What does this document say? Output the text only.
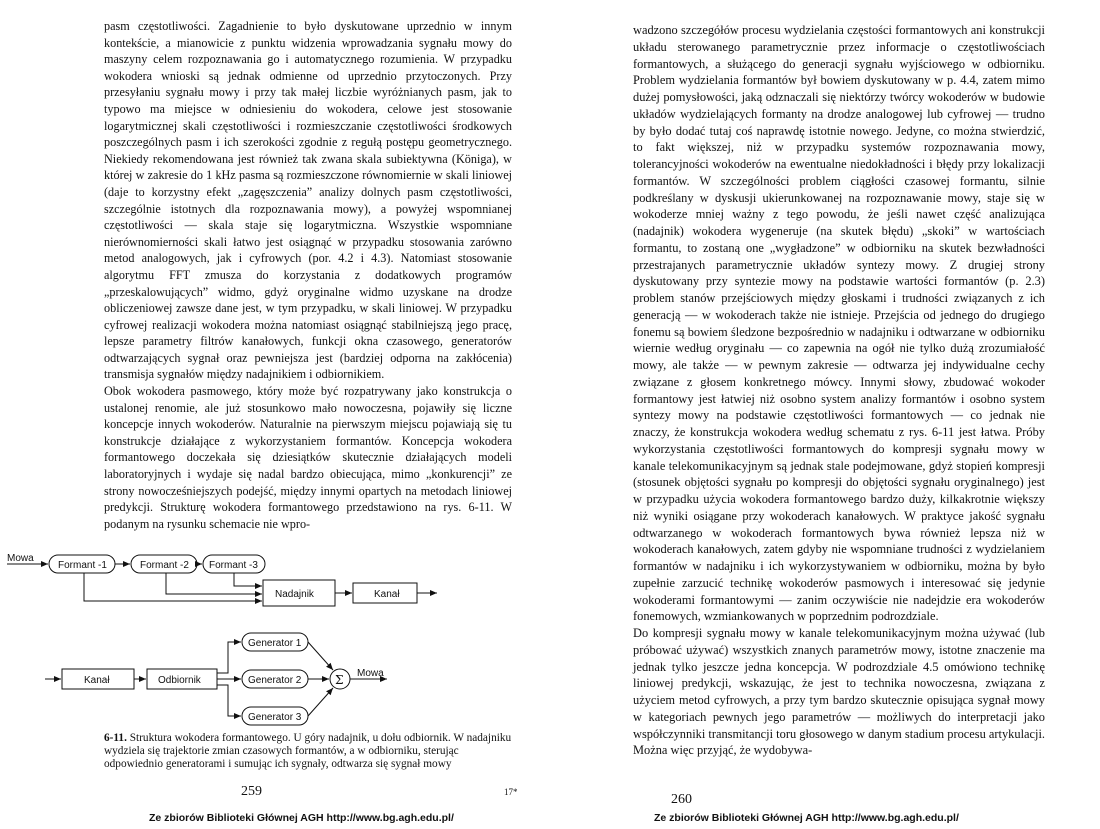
pasm częstotliwości. Zagadnienie to było dyskutowane uprzednio w innym kontekście, a mianowicie z punktu widzenia wprowadzania sygnału mowy do maszyny celem rozpoznawania go i automatycznego rozumienia. W przypadku wokodera wnioski są jednak odmienne od uprzednio przytoczonych. Przy przesyłaniu sygnału mowy i przy tak małej liczbie wyróżnianych pasm, jak to typowo ma miejsce w odniesieniu do wokodera, celowe jest stosowanie logarytmicznej skali częstotliwości i rozmieszczanie częstotliwości środkowych poszczególnych pasm i ich szerokości zgodnie z regułą postępu geometrycznego. Niekiedy rekomendowana jest również tak zwana skala subiektywna (Königa), w której w zakresie do 1 kHz pasma są rozmieszczone równomiernie w skali liniowej (daje to korzystny efekt „zagęszczenia” analizy dolnych pasm częstotliwości, szczególnie istotnych dla rozpoznawania mowy), a powyżej wspomnianej częstotliwości — skala staje się logarytmiczna. Wszystkie wspomniane nierównomierności skali łatwo jest osiągnąć w przypadku stosowania zarówno metod analogowych, jak i cyfrowych (por. 4.2 i 4.3). Natomiast stosowanie algorytmu FFT zmusza do korzystania z dodatkowych programów „przeskalowujących” widmo, gdyż oryginalne widmo uzyskane na drodze obliczeniowej zawsze dane jest, w tym przypadku, w skali liniowej. W przypadku cyfrowej realizacji wokodera można natomiast osiągnąć stabilniejszą jego pracę, lepsze parametry filtrów kanałowych, funkcji okna czasowego, generatorów odtwarzających sygnał oraz pewniejsza jest (bardziej odporna na zakłócenia) transmisja sygnałów między nadajnikiem i odbiornikiem.

Obok wokodera pasmowego, który może być rozpatrywany jako konstrukcja o ustalonej renomie, ale już stosunkowo mało nowoczesna, pojawiły się liczne koncepcje innych wokoderów. Naturalnie na pierwszym miejscu pojawiają się tu konstrukcje działające z wykorzystaniem formantów. Koncepcja wokodera formantowego doczekała się dziesiątków skutecznie działających modeli laboratoryjnych i wydaje się nadal bardzo obiecująca, mimo „konkurencji” ze strony nowocześniejszych podejść, między innymi opartych na metodach liniowej predykcji. Strukturę wokodera formantowego przedstawiono na rys. 6-11. W podanym na rysunku schemacie nie wpro-

Mowa
Formant -1	Formant -2 Formant -3
Nadajnik	Kanał
Kanał	Odbiornik
Generator 1
Generator 2
Generator 3
Σ Mowa
6-11. Struktura wokodera formantowego. U góry nadajnik, u dołu odbiornik. W nadajniku wydziela się trajektorie zmian czasowych formantów, a w odbiorniku, sterując odpowiednio generatorami i sumując ich sygnały, odtwarza się sygnał mowy
259	17*
Ze zbiorów Biblioteki Głównej AGH http://www.bg.agh.edu.pl/

wadzono szczegółów procesu wydzielania częstości formantowych ani konstrukcji układu sterowanego parametrycznie przez informacje o częstotliwościach formantowych, a służącego do generacji sygnału wyjściowego w odbiorniku. Problem wydzielania formantów był bowiem dyskutowany w p. 4.4, zatem mimo dużej pomysłowości, jaką odznaczali się niektórzy twórcy wokoderów w budowie układów wydzielających formanty na drodze analogowej lub cyfrowej — trudno by było dodać tutaj coś naprawdę istotnie nowego. Jedyne, co można stwierdzić, to fakt większej, niż w przypadku systemów rozpoznawania mowy, tolerancyjności wokoderów na ewentualne niedokładności i błędy przy lokalizacji formantów. W szczególności problem ciągłości czasowej formantu, silnie podkreślany w dyskusji ukierunkowanej na rozpoznawanie mowy, staje się w wokoderze mniej ważny z tego powodu, że jeśli nawet część analizująca (nadajnik) wokodera wygeneruje (na skutek błędu) „skoki” w wartościach formantu, to zostaną one „wygładzone” w odbiorniku na skutek bezwładności przestrajanych parametrycznie układów syntezy mowy. Z drugiej strony dyskutowany przy syntezie mowy na podstawie wartości formantów (p. 2.3) problem stanów przejściowych między głoskami i trudności związanych z ich generacją — w wokoderach także nie istnieje. Przejścia od jednego do drugiego fonemu są bowiem śledzone bezpośrednio w nadajniku i odtwarzane w odbiorniku wiernie według oryginału — co zapewnia na ogół nie tylko dużą zrozumiałość mowy, ale także — w pewnym zakresie — odtwarza jej indywidualne cechy związane z głosem konkretnego mówcy. Innymi słowy, zbudować wokoder formantowy jest łatwiej niż osobno system analizy formantów i osobno system syntezy mowy na podstawie częstotliwości formantowych — co jednak nie znaczy, że konstrukcja wokodera według schematu z rys. 6-11 jest łatwa. Próby wykorzystania częstotliwości formantowych do kompresji sygnału mowy w kanale telekomunikacyjnym są jednak stale podejmowane, gdyż stopień kompresji (stosunek objętości sygnału po kompresji do objętości sygnału oryginalnego) jest w przypadku użycia wokodera formantowego bardzo duży, kilkakrotnie większy niż wyniki osiągane przy wokoderach kanałowych. W praktyce jakość sygnału odtwarzanego w wokoderach formantowych bywa również lepsza niż w wokoderach kanałowych, zatem gdyby nie wspomniane trudności z wydzielaniem formantów w nadajniku i ich wykorzystywaniem w odbiorniku, można by było zupełnie zarzucić technikę wokoderów pasmowych i interesować się jedynie wokoderami formantowymi — zanim oczywiście nie nadejdzie era wokoderów fonemowych, wzmiankowanych w poprzednim podrozdziale.

Do kompresji sygnału mowy w kanale telekomunikacyjnym można używać (lub próbować używać) wszystkich znanych parametrów mowy, istotne znaczenie ma jednak tylko jeszcze jedna koncepcja. W podrozdziale 4.5 omówiono technikę liniowej predykcji, wskazując, że jest to technika nowoczesna, związana z użyciem metod cyfrowych, a przy tym bardzo skutecznie opisująca sygnał mowy w kategoriach pewnych jego parametrów — możliwych do interpretacji jako współczynniki transmitancji toru głosowego w danym stadium procesu artykulacji. Można więc przyjąć, że wydobywa-

260
Ze zbiorów Biblioteki Głównej AGH http://www.bg.agh.edu.pl/
